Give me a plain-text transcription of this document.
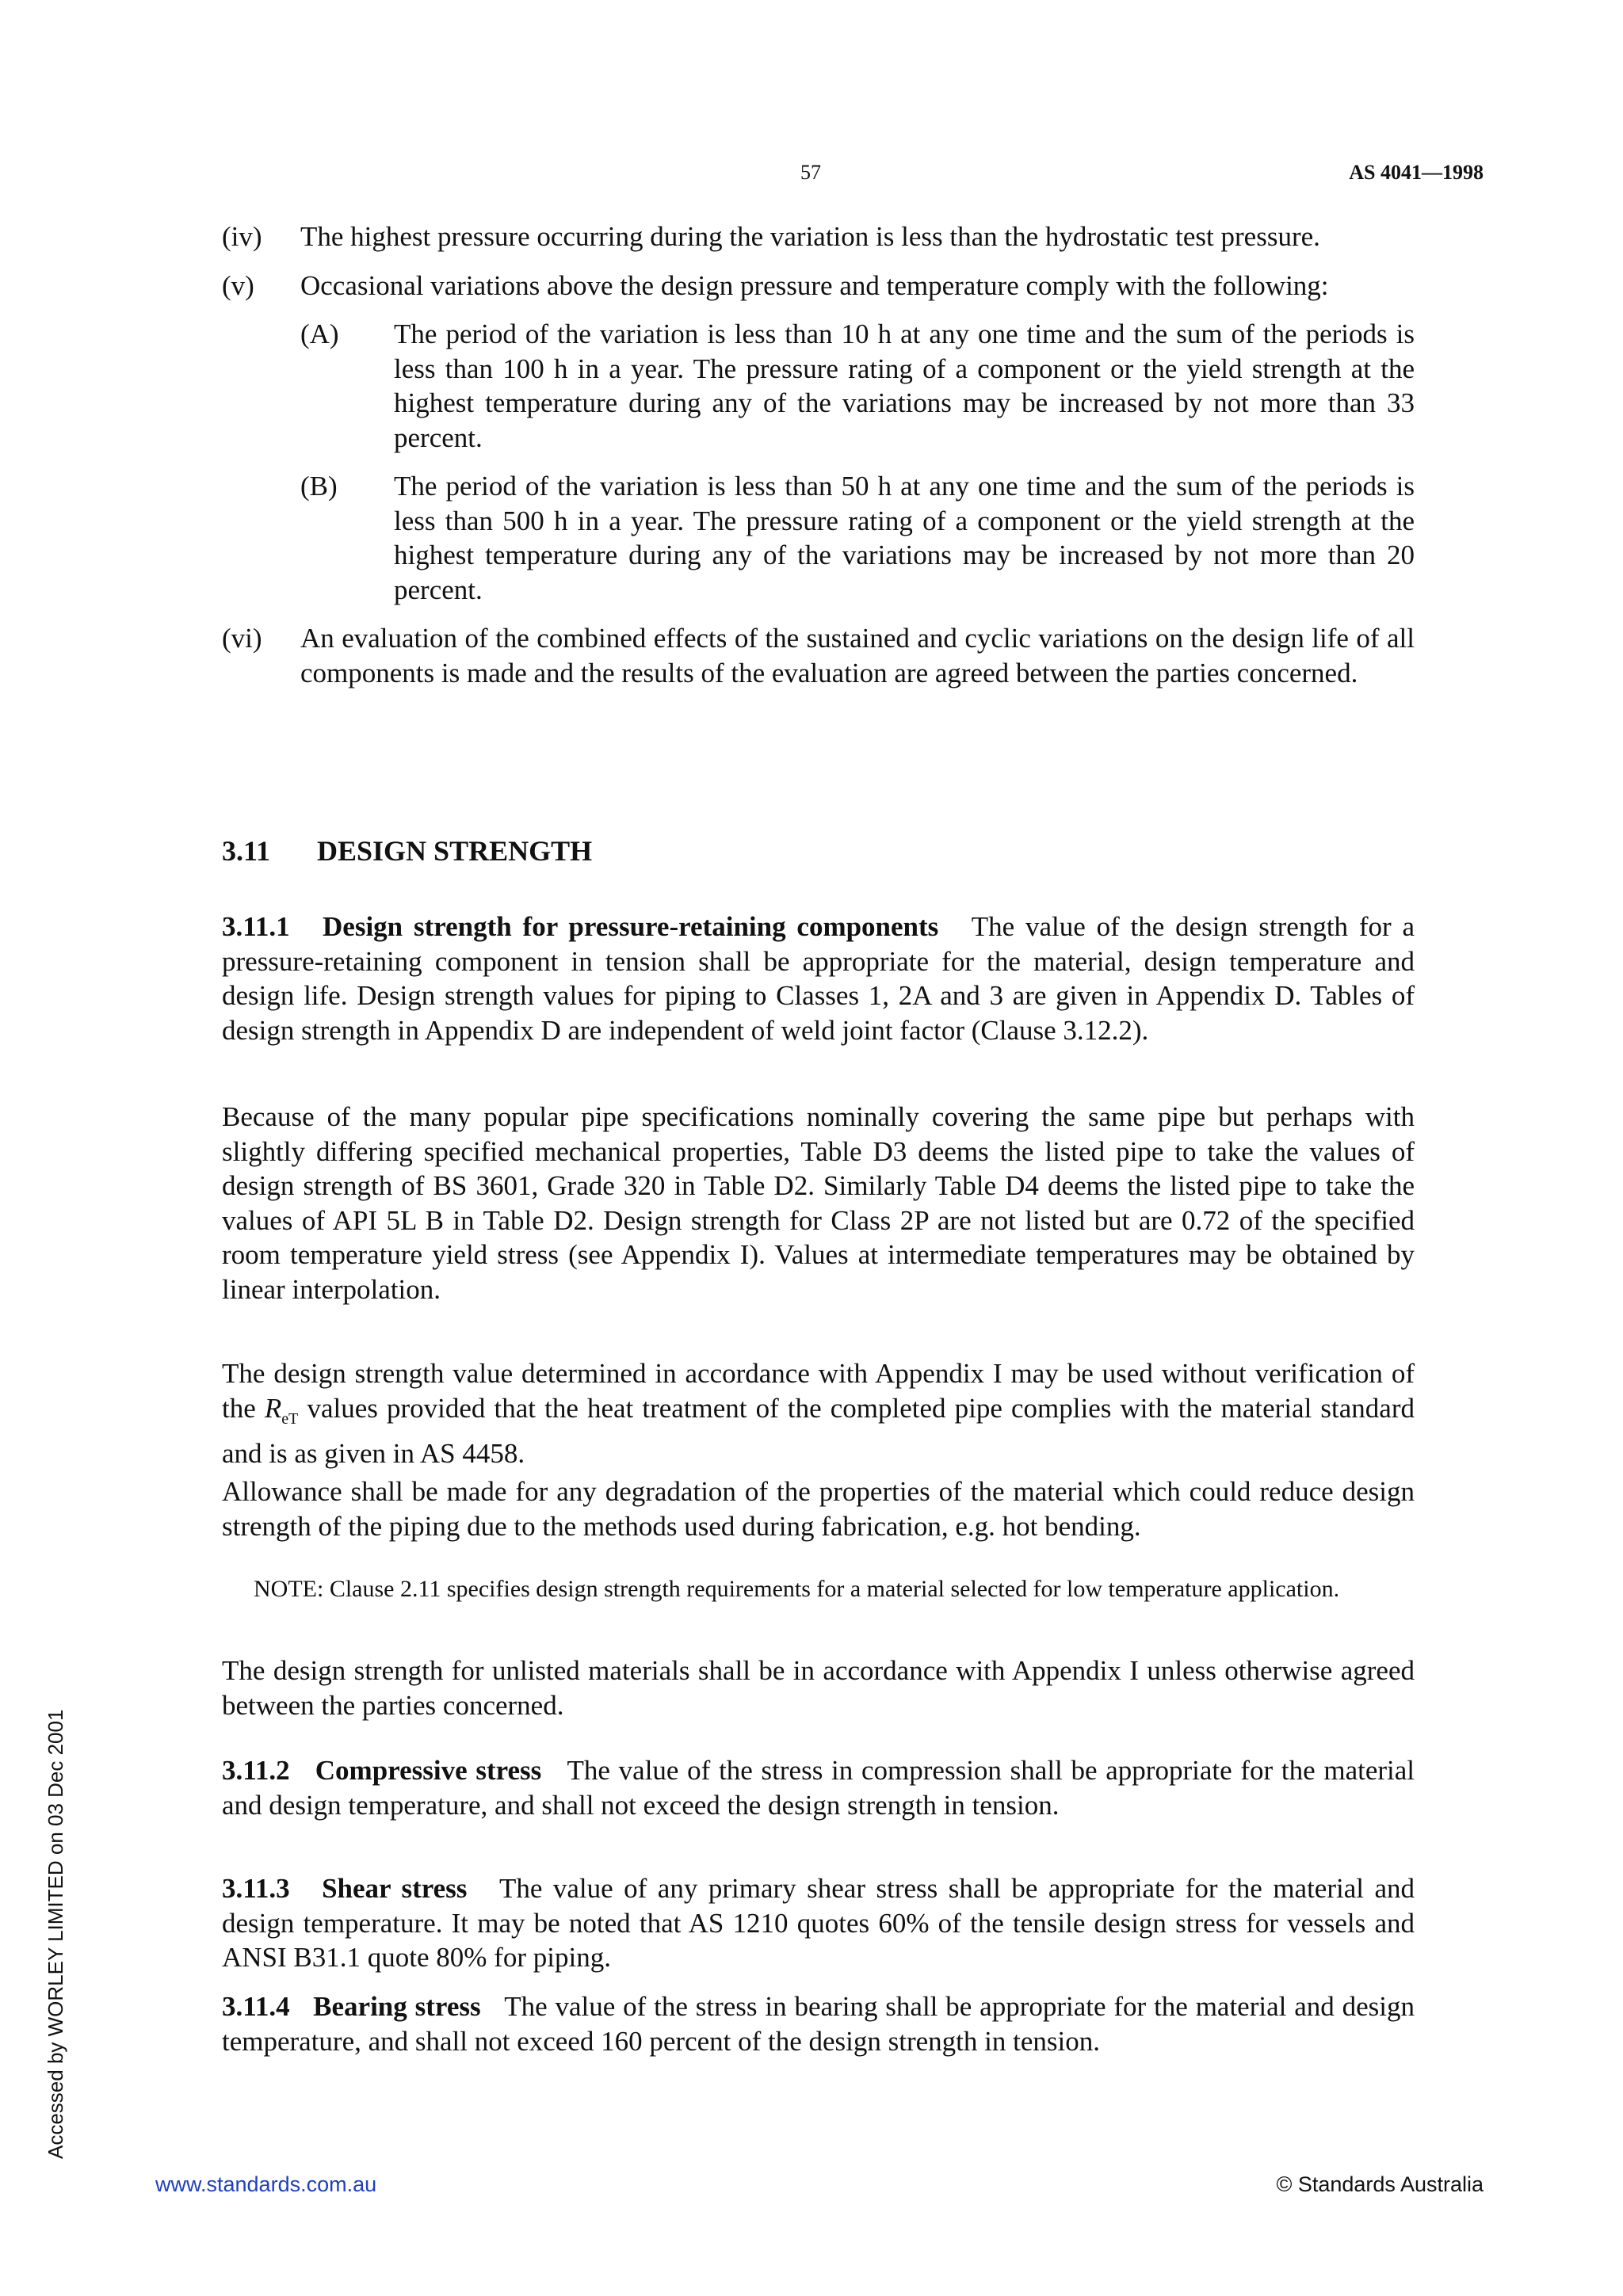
57	AS 4041—1998
(iv)	The highest pressure occurring during the variation is less than the hydrostatic test pressure.
(v)	Occasional variations above the design pressure and temperature comply with the following:
(A)	The period of the variation is less than 10 h at any one time and the sum of the periods is less than 100 h in a year. The pressure rating of a component or the yield strength at the highest temperature during any of the variations may be increased by not more than 33 percent.
(B)	The period of the variation is less than 50 h at any one time and the sum of the periods is less than 500 h in a year. The pressure rating of a component or the yield strength at the highest temperature during any of the variations may be increased by not more than 20 percent.
(vi)	An evaluation of the combined effects of the sustained and cyclic variations on the design life of all components is made and the results of the evaluation are agreed between the parties concerned.
3.11 DESIGN STRENGTH

3.11.1 Design strength for pressure-retaining components The value of the design strength for a pressure-retaining component in tension shall be appropriate for the material, design temperature and design life. Design strength values for piping to Classes 1, 2A and 3 are given in Appendix D. Tables of design strength in Appendix D are independent of weld joint factor (Clause 3.12.2).

Because of the many popular pipe specifications nominally covering the same pipe but perhaps with slightly differing specified mechanical properties, Table D3 deems the listed pipe to take the values of design strength of BS 3601, Grade 320 in Table D2. Similarly Table D4 deems the listed pipe to take the values of API 5L B in Table D2. Design strength for Class 2P are not listed but are 0.72 of the specified room temperature yield stress (see Appendix I). Values at intermediate temperatures may be obtained by linear interpolation.

The design strength value determined in accordance with Appendix I may be used without verification of the $R_{eT}$ values provided that the heat treatment of the completed pipe complies with the material standard and is as given in AS 4458.

Allowance shall be made for any degradation of the properties of the material which could reduce design strength of the piping due to the methods used during fabrication, e.g. hot bending.

NOTE: Clause 2.11 specifies design strength requirements for a material selected for low temperature application.

The design strength for unlisted materials shall be in accordance with Appendix I unless otherwise agreed between the parties concerned.

3.11.2 Compressive stress The value of the stress in compression shall be appropriate for the material and design temperature, and shall not exceed the design strength in tension.

3.11.3 Shear stress The value of any primary shear stress shall be appropriate for the material and design temperature. It may be noted that AS 1210 quotes 60% of the tensile design stress for vessels and ANSI B31.1 quote 80% for piping.

3.11.4 Bearing stress The value of the stress in bearing shall be appropriate for the material and design temperature, and shall not exceed 160 percent of the design strength in tension.

Accessed by WORLEY LIMITED on 03 Dec 2001
www.standards.com.au	© Standards Australia
